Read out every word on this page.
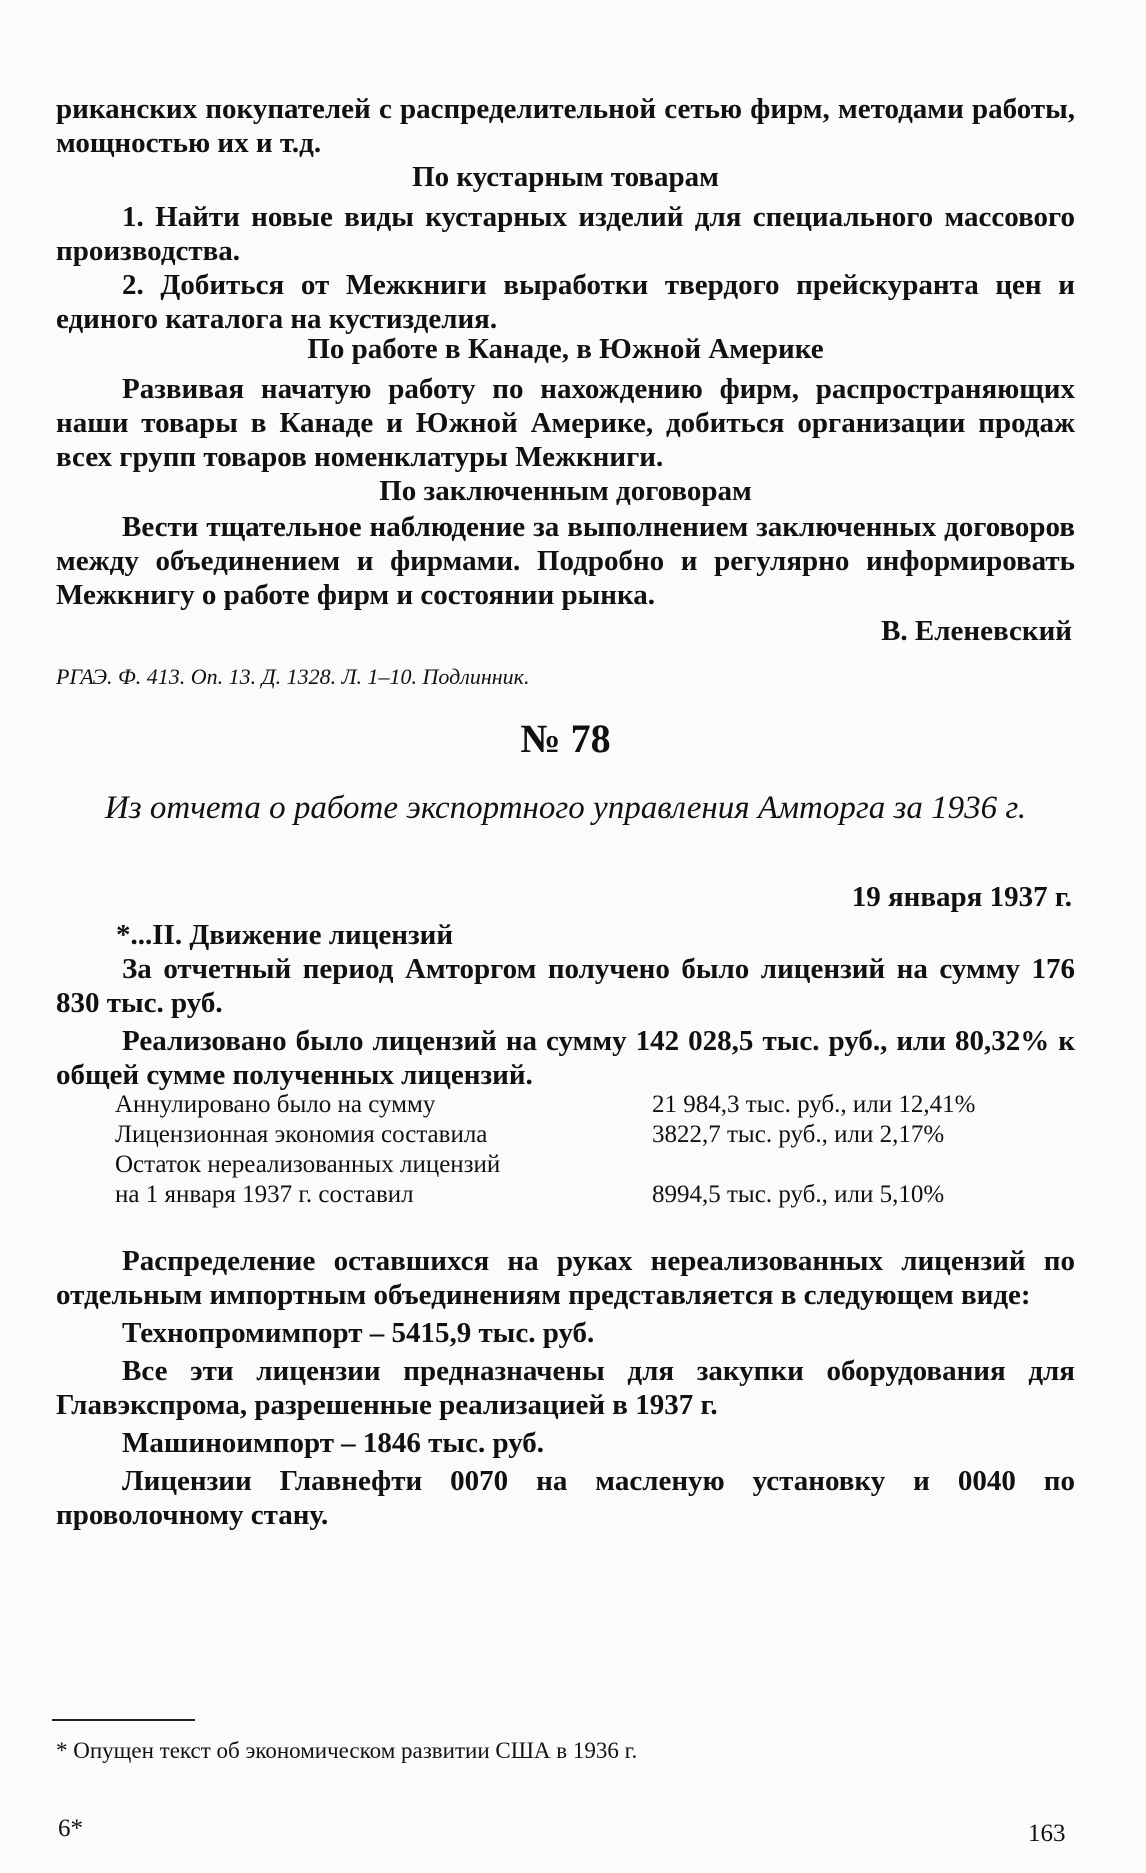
риканских покупателей с распределительной сетью фирм, методами работы, мощностью их и т.д.

По кустарным товарам

1. Найти новые виды кустарных изделий для специального массового производства.

2. Добиться от Межкниги выработки твердого прейскуранта цен и единого каталога на кустизделия.

По работе в Канаде, в Южной Америке

Развивая начатую работу по нахождению фирм, распространяющих наши товары в Канаде и Южной Америке, добиться организации продаж всех групп товаров номенклатуры Межкниги.

По заключенным договорам

Вести тщательное наблюдение за выполнением заключенных договоров между объединением и фирмами. Подробно и регулярно информировать Межкнигу о работе фирм и состоянии рынка.

В. Еленевский

РГАЭ. Ф. 413. Оп. 13. Д. 1328. Л. 1–10. Подлинник.

№ 78

Из отчета о работе экспортного управления Амторга за 1936 г.

19 января 1937 г.

*...II. Движение лицензий

За отчетный период Амторгом получено было лицензий на сумму 176 830 тыс. руб.

Реализовано было лицензий на сумму 142 028,5 тыс. руб., или 80,32% к общей сумме полученных лицензий.

Аннулировано было на сумму	21 984,3 тыс. руб., или 12,41%
Лицензионная экономия составила	3822,7 тыс. руб., или 2,17%
Остаток нереализованных лицензий
на 1 января 1937 г. составил	8994,5 тыс. руб., или 5,10%

Распределение оставшихся на руках нереализованных лицензий по отдельным импортным объединениям представляется в следующем виде:

Технопромимпорт – 5415,9 тыс. руб.

Все эти лицензии предназначены для закупки оборудования для Главэкспрома, разрешенные реализацией в 1937 г.

Машиноимпорт – 1846 тыс. руб.

Лицензии Главнефти 0070 на масленую установку и 0040 по проволочному стану.

* Опущен текст об экономическом развитии США в 1936 г.
6*	163
